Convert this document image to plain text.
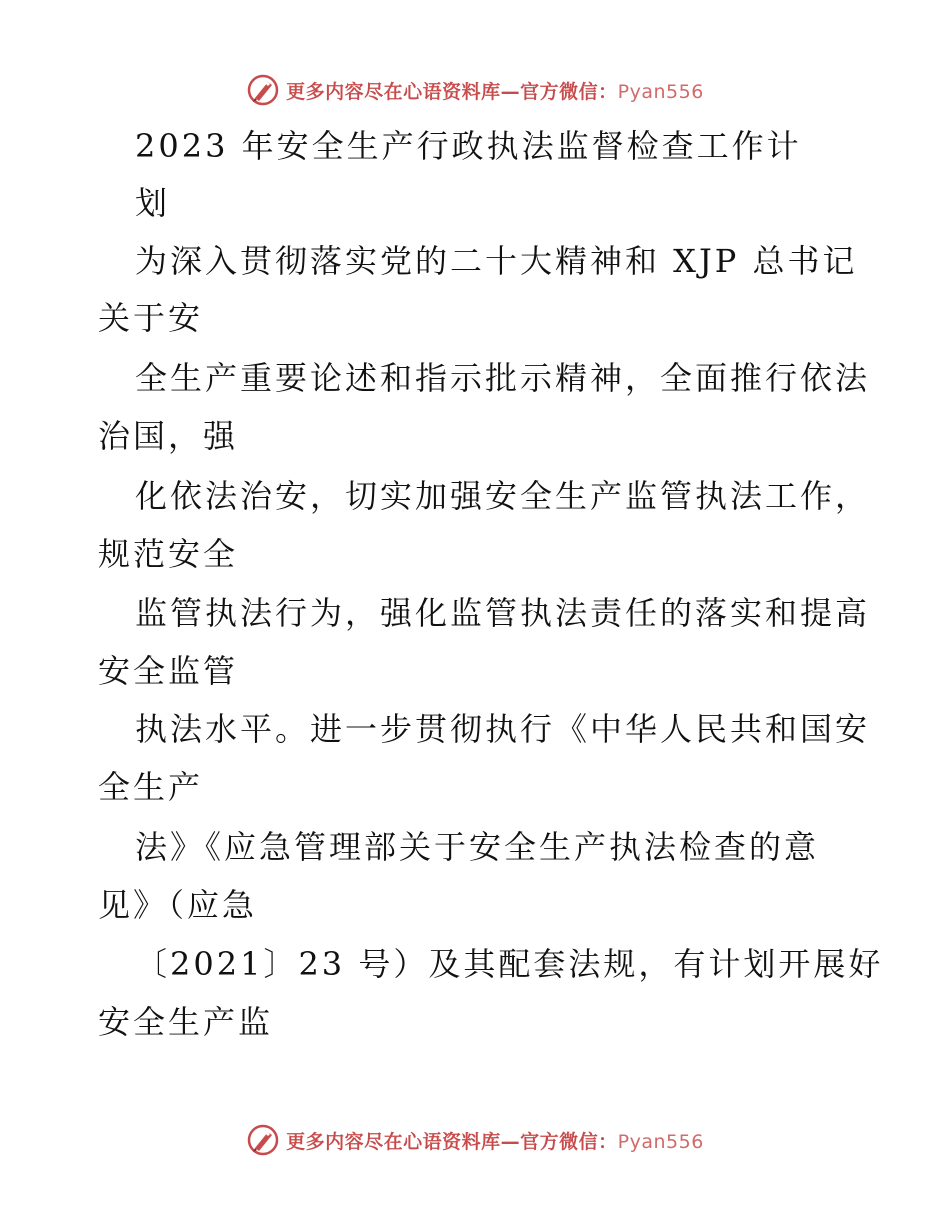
更多内容尽在心语资料库—官方微信：Pyan556
2023 年安全生产行政执法监督检查工作计
划
为深入贯彻落实党的二十大精神和 XJP 总书记
关于安
全生产重要论述和指示批示精神，全面推行依法
治国，强
化依法治安，切实加强安全生产监管执法工作，
规范安全
监管执法行为，强化监管执法责任的落实和提高
安全监管
执法水平。进一步贯彻执行《中华人民共和国安
全生产
法》《应急管理部关于安全生产执法检查的意
见》（应急
〔2021〕23 号）及其配套法规，有计划开展好
安全生产监
更多内容尽在心语资料库—官方微信：Pyan556
